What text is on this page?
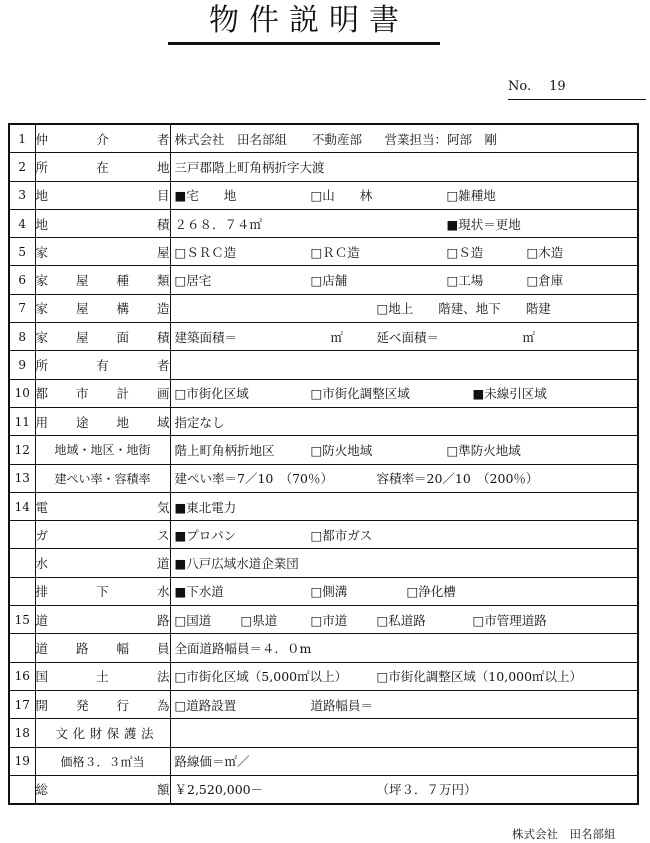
物件説明書
No. 19
1	仲介者	株式会社　田名部組　　不動産部 営業担当：阿部　剛

2	所在地	三戸郡階上町角柄折字大渡

3	地目	■宅　　地 □山　　林 □雑種地

4	地積	２６８．７４㎡ ■現状＝更地

5	家屋	□ＳＲＣ造 □ＲＣ造 □Ｓ造 □木造

6	家屋種類	□居宅 □店舗 □工場 □倉庫

7	家屋構造	□地上　　階建、地下　　階建

8	家屋面積	建築面積＝ ㎡ 延べ面積＝ ㎡

9	所有者	
10	都市計画	□市街化区域 □市街化調整区域 ■未線引区域

11	用途地域	指定なし

12	地域・地区・地街	階上町角柄折地区 □防火地域 □準防火地域

13	建ぺい率・容積率	建ぺい率＝7／10　（70％） 容積率＝20／10　（200％）

14	電気	■東北電力

	ガス	■プロパン □都市ガス

	水道	■八戸広域水道企業団

	排下水	■下水道 □側溝 □浄化槽

15	道路	□国道 □県道 □市道 □私道路 □市管理道路

	道路幅員	全面道路幅員＝４．０m

16	国土法	□市街化区域（5,000㎡以上） □市街化調整区域（10,000㎡以上）

17	開発行為	□道路設置 道路幅員＝

18	文化財保護法	
19	価格３．３㎡当	路線価＝㎡／

	総額	￥2,520,000－ （坪３．７万円）
株式会社　田名部組
